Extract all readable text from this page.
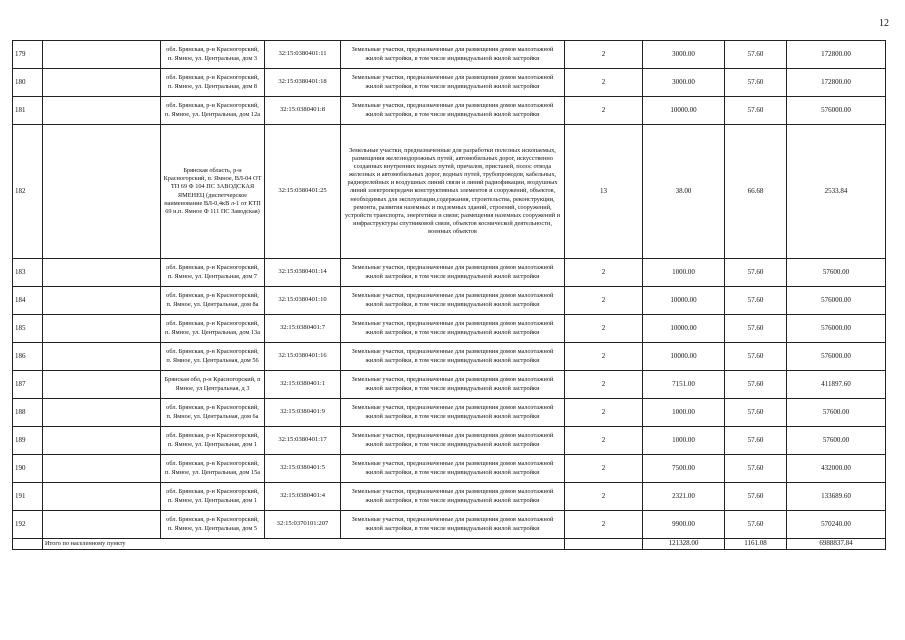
12
179		обл. Брянская, р-н Красногорский, п. Ямное, ул. Центральная, дом 3	32:15:0380401:11	Земельные участки, предназначенные для размещения домов малоэтажной жилой застройки, в том числе индивидуальной жилой застройки	2	3000.00	57.60	172800.00
180		обл. Брянская, р-н Красногорский, п. Ямное, ул. Центральная, дом 8	32:15:0380401:18	Земельные участки, предназначенные для размещения домов малоэтажной жилой застройки, в том числе индивидуальной жилой застройки	2	3000.00	57.60	172800.00
181		обл. Брянская, р-н Красногорский, п. Ямное, ул. Центральная, дом 12а	32:15:0380401:8	Земельные участки, предназначенные для размещения домов малоэтажной жилой застройки, в том числе индивидуальной жилой застройки	2	10000.00	57.60	576000.00
182		Брянская область, р-н Красногорский, п. Ямное, ВЛ-04 ОТ ТП 69 Ф 104 ПС ЗАВОДСКАЯ ЯМЕНЕЦ (диспетчерское наименование ВЛ-0,4кВ л-1 от КТП 69 н.п. Ямное Ф 111 ПС Заводская)	32:15:0380401:25	Земельные участки, предназначенные для разработки полезных ископаемых, размещения железнодорожных путей, автомобильных дорог, искусственно созданных внутренних водных путей, причалов, пристаней, полос отвода железных и автомобильных дорог, водных путей, трубопроводов, кабельных, радиорелейных и воздушных линий связи и линий радиофикации, воздушных линий электропередачи конструктивных элементов и сооружений, объектов, необходимых для эксплуатации,содержания, строительства, реконструкции, ремонта, развития наземных и подземных зданий, строений, сооружений, устройств транспорта, энергетики и связи; размещения наземных сооружений и инфраструктуры спутниковой связи, объектов космической деятельности, военных объектов	13	38.00	66.68	2533.84
183		обл. Брянская, р-н Красногорский, п. Ямное, ул. Центральная, дом 7	32:15:0380401:14	Земельные участки, предназначенные для размещения домов малоэтажной жилой застройки, в том числе индивидуальной жилой застройки	2	1000.00	57.60	57600.00
184		обл. Брянская, р-н Красногорский, п. Ямное, ул. Центральная, дом 8а	32:15:0380401:10	Земельные участки, предназначенные для размещения домов малоэтажной жилой застройки, в том числе индивидуальной жилой застройки	2	10000.00	57.60	576000.00
185		обл. Брянская, р-н Красногорский, п. Ямное, ул. Центральная, дом 13а	32:15:0380401:7	Земельные участки, предназначенные для размещения домов малоэтажной жилой застройки, в том числе индивидуальной жилой застройки	2	10000.00	57.60	576000.00
186		обл. Брянская, р-н Красногорский, п. Ямное, ул. Центральная, дом 56	32:15:0380401:16	Земельные участки, предназначенные для размещения домов малоэтажной жилой застройки, в том числе индивидуальной жилой застройки	2	10000.00	57.60	576000.00
187		Брянская обл, р-н Красногорский, п Ямное, ул Центральная, д 3	32:15:0380401:1	Земельные участки, предназначенные для размещения домов малоэтажной жилой застройки, в том числе индивидуальной жилой застройки	2	7151.00	57.60	411897.60
188		обл. Брянская, р-н Красногорский, п. Ямное, ул. Центральная, дом 6а	32:15:0380401:9	Земельные участки, предназначенные для размещения домов малоэтажной жилой застройки, в том числе индивидуальной жилой застройки	2	1000.00	57.60	57600.00
189		обл. Брянская, р-н Красногорский, п. Ямное, ул. Центральная, дом 1	32:15:0380401:17	Земельные участки, предназначенные для размещения домов малоэтажной жилой застройки, в том числе индивидуальной жилой застройки	2	1000.00	57.60	57600.00
190		обл. Брянская, р-н Красногорский, п. Ямное, ул. Центральная, дом 15а	32:15:0380401:5	Земельные участки, предназначенные для размещения домов малоэтажной жилой застройки, в том числе индивидуальной жилой застройки	2	7500.00	57.60	432000.00
191		обл. Брянская, р-н Красногорский, п. Ямное, ул. Центральная, дом 1	32:15:0380401:4	Земельные участки, предназначенные для размещения домов малоэтажной жилой застройки, в том числе индивидуальной жилой застройки	2	2321.00	57.60	133689.60
192		обл. Брянская, р-н Красногорский, п. Ямное, ул. Центральная, дом 5	32:15:0370101:207	Земельные участки, предназначенные для размещения домов малоэтажной жилой застройки, в том числе индивидуальной жилой застройки	2	9900.00	57.60	570240.00
	Итого по населенному пункту					121328.00	1161.08	6988837.84
